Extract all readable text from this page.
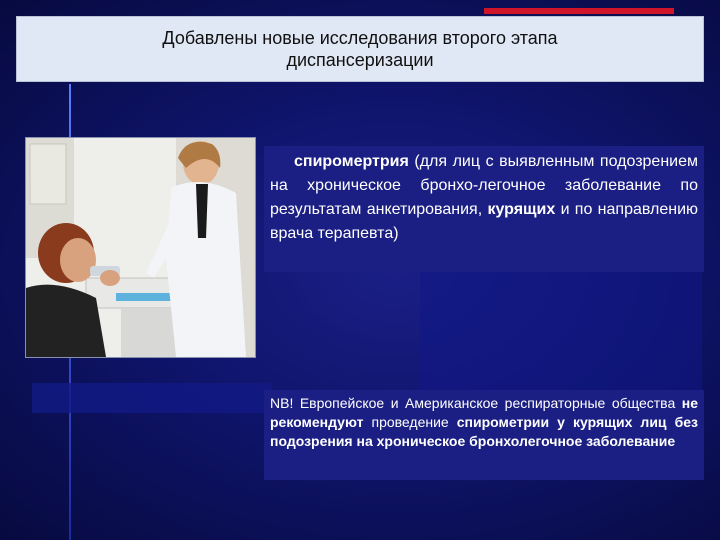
Добавлены новые исследования второго этапа
диспансеризации
спиромертрия (для лиц с выявленным подозрением на хроническое бронхо-легочное заболевание по результатам анкетирования, курящих и по направлению врача терапевта)
NB! Европейское и Американское респираторные общества не рекомендуют проведение спирометрии у курящих лиц без подозрения на хроническое бронхолегочное заболевание
